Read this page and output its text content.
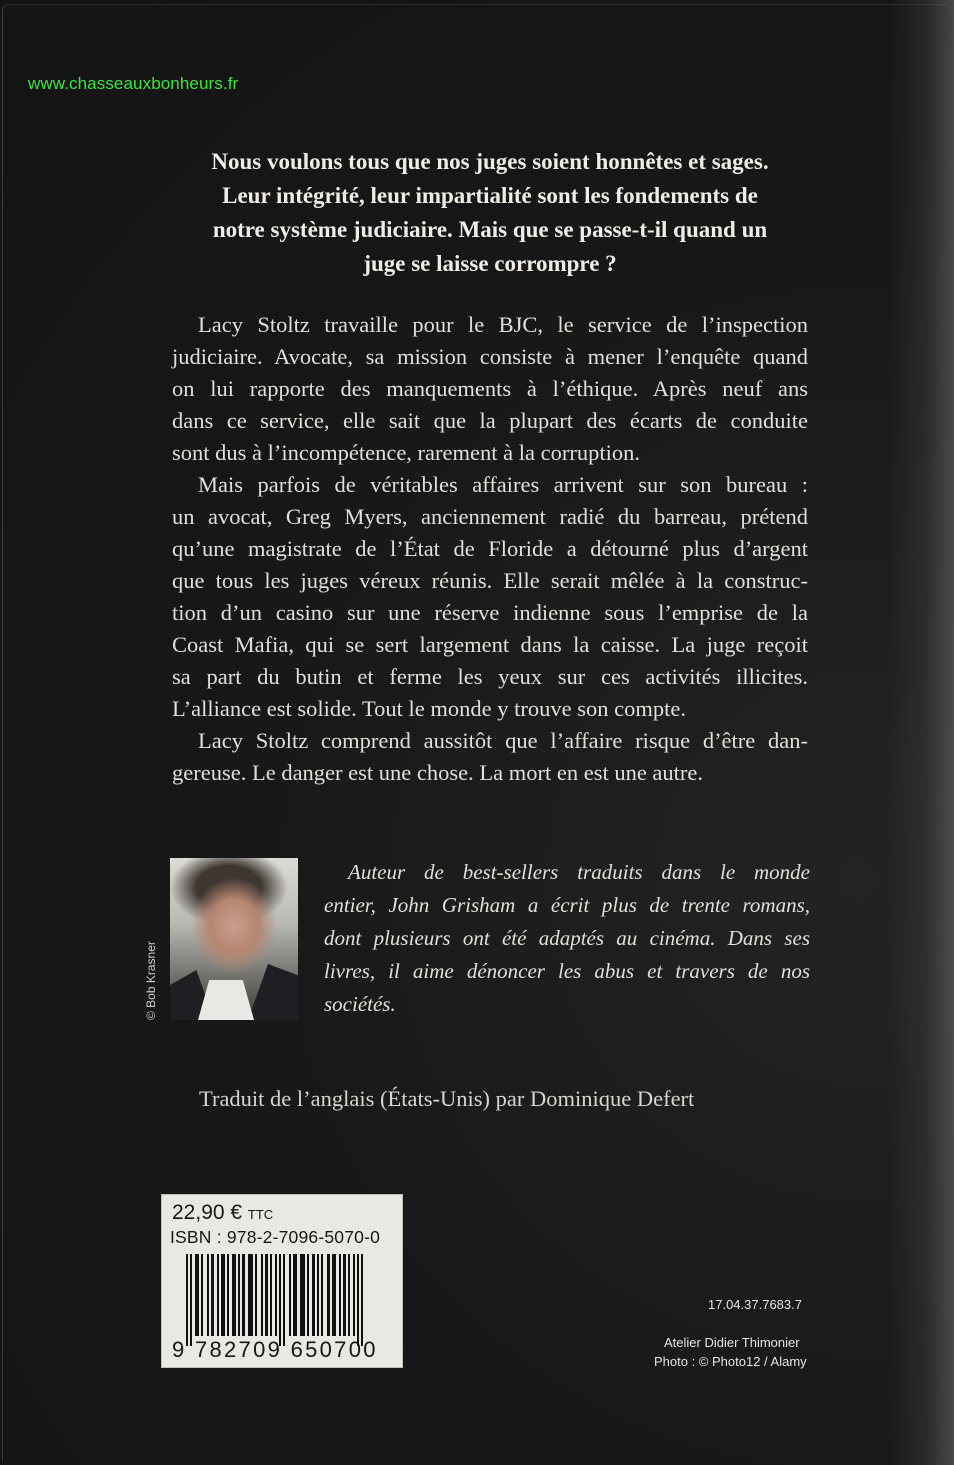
www.chasseauxbonheurs.fr
Nous voulons tous que nos juges soient honnêtes et sages.
Leur intégrité, leur impartialité sont les fondements de
notre système judiciaire. Mais que se passe-t-il quand un
juge se laisse corrompre ?
Lacy Stoltz travaille pour le BJC, le service de l’inspection
judiciaire. Avocate, sa mission consiste à mener l’enquête quand
on lui rapporte des manquements à l’éthique. Après neuf ans
dans ce service, elle sait que la plupart des écarts de conduite
sont dus à l’incompétence, rarement à la corruption.
Mais parfois de véritables affaires arrivent sur son bureau :
un avocat, Greg Myers, anciennement radié du barreau, prétend
qu’une magistrate de l’État de Floride a détourné plus d’argent
que tous les juges véreux réunis. Elle serait mêlée à la construc-
tion d’un casino sur une réserve indienne sous l’emprise de la
Coast Mafia, qui se sert largement dans la caisse. La juge reçoit
sa part du butin et ferme les yeux sur ces activités illicites.
L’alliance est solide. Tout le monde y trouve son compte.
Lacy Stoltz comprend aussitôt que l’affaire risque d’être dan-
gereuse. Le danger est une chose. La mort en est une autre.
© Bob Krasner
Auteur de best-sellers traduits dans le monde
entier, John Grisham a écrit plus de trente romans,
dont plusieurs ont été adaptés au cinéma. Dans ses
livres, il aime dénoncer les abus et travers de nos
sociétés.
Traduit de l’anglais (États-Unis) par Dominique Defert
22,90 € TTC
ISBN : 978-2-7096-5070-0
9 782709 650700
17.04.37.7683.7
Atelier Didier Thimonier
Photo : © Photo12 / Alamy
